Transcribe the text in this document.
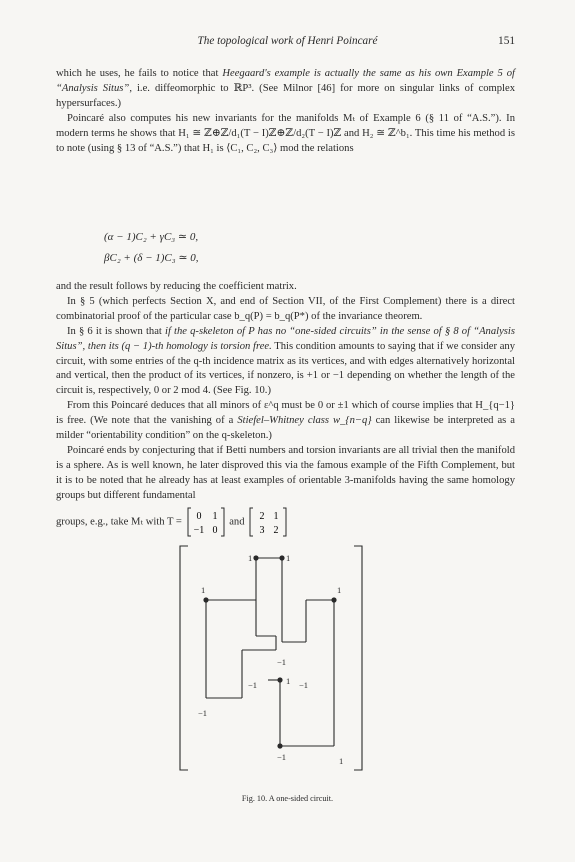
The topological work of Henri Poincaré	151

which he uses, he fails to notice that Heegaard's example is actually the same as his own Example 5 of “Analysis Situs”, i.e. diffeomorphic to ℝP³. (See Milnor [46] for more on singular links of complex hypersurfaces.)

Poincaré also computes his new invariants for the manifolds Mₜ of Example 6 (§ 11 of “A.S.”). In modern terms he shows that H₁ ≅ ℤ⊕ℤ/d₁(T − I)ℤ⊕ℤ/d₂(T − I)ℤ and H₂ ≅ ℤ^b₁. This time his method is to note (using § 13 of “A.S.”) that H₁ is ⟨C₁, C₂, C₃⟩ mod the relations

(α − 1)C₂ + γC₃ ≃ 0,
βC₂ + (δ − 1)C₃ ≃ 0,

and the result follows by reducing the coefficient matrix.

In § 5 (which perfects Section X, and end of Section VII, of the First Complement) there is a direct combinatorial proof of the particular case b_q(P) = b_q(P*) of the invariance theorem.

In § 6 it is shown that if the q-skeleton of P has no “one-sided circuits” in the sense of § 8 of “Analysis Situs”, then its (q − 1)-th homology is torsion free. This condition amounts to saying that if we consider any circuit, with some entries of the q-th incidence matrix as its vertices, and with edges alternatively horizontal and vertical, then the product of its vertices, if nonzero, is +1 or −1 depending on whether the length of the circuit is, respectively, 0 or 2 mod 4. (See Fig. 10.)

From this Poincaré deduces that all minors of ε^q must be 0 or ±1 which of course implies that H_{q−1} is free. (We note that the vanishing of a Stiefel–Whitney class w_{n−q} can likewise be interpreted as a milder “orientability condition” on the q-skeleton.)

Poincaré ends by conjecturing that if Betti numbers and torsion invariants are all trivial then the manifold is a sphere. As is well known, he later disproved this via the famous example of the Fifth Complement, but it is to be noted that he already has at least examples of orientable 3-manifolds having the same homology groups but different fundamental

groups, e.g., take Mₜ with T = 0 1
−1 0
and 2 1
3 2

1	1
1	1
−1
−1	−1
−1
1
−1	1
Fig. 10. A one-sided circuit.
